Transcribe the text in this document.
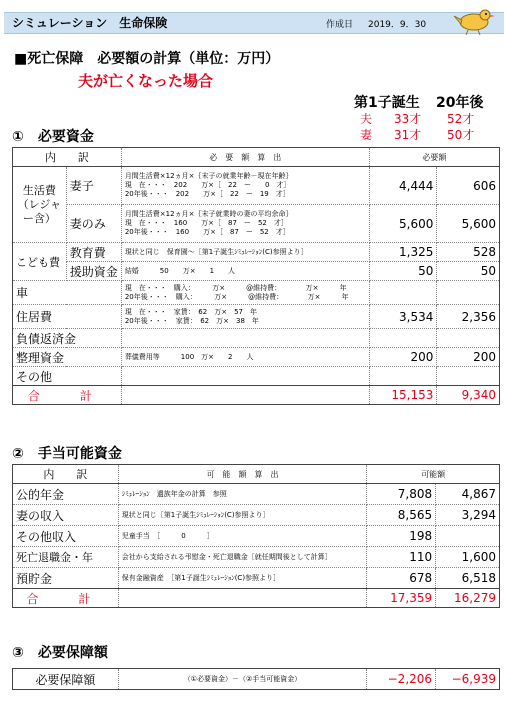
シミュレーション　生命保険	作成日 2019．9．30
■死亡保障　必要額の計算（単位：万円）
夫が亡くなった場合
第1子誕生 20年後
夫 33才 52才
妻 31才 50才
①　必要資金
内　　訳		必　要　額　算　出	必要額	
生活費（レジャー含）	妻子	月間生活費×12ヵ月×｛末子の就業年齢－現在年齢｝
現　在・・・　202　　万×［　22　ー　　0　才］
20年後・・・　202　　万×［　22　ー　19　才］	4,444	606
	妻のみ	月間生活費×12ヵ月×｛末子就業時の妻の平均余命｝
現　在・・・　160　　万×［　87　ー　52　才］
20年後・・・　160　　万×［　87　ー　52　才］	5,600	5,600
こども費	教育費	現状と同じ　保育園～［第1子誕生ｼﾐｭﾚｰｼｮﾝ(C)参照より］	1,325	528
	援助資金	結婚　　　50　　万×　　1　　人	50	50
車		現　在・・・　購入：　　　万×　　　@維持費：　　　　万×　　　年
20年後・・・　購入：　　　万×　　　@維持費：　　　　万×　　　年		

住居費		現　在・・・　家賃：　62　万×　57　年
20年後・・・　家賃：　62　万×　38　年	3,534	2,356
負債返済金				
整理資金		葬儀費用等　　　100　万×　　2　　人	200	200
その他				
合　計			15,153	9,340
②　手当可能資金
内　　訳	可　能　額　算　出	可能額	
公的年金	ｼﾐｭﾚｰｼｮﾝ　遺族年金の計算　参照	7,808	4,867
妻の収入	現状と同じ［第1子誕生ｼﾐｭﾚｰｼｮﾝ(C)参照より］	8,565	3,294
その他収入	児童手当　［　　　0　　　］	198	
死亡退職金・年	会社から支給される弔慰金・死亡退職金［就任期間後として計算］	110	1,600
預貯金	保有金融資産　［第1子誕生ｼﾐｭﾚｰｼｮﾝ(C)参照より］	678	6,518
合　計		17,359	16,279
③　必要保障額
必要保障額	（①必要資金）－（②手当可能資金）	−2,206	−6,939
